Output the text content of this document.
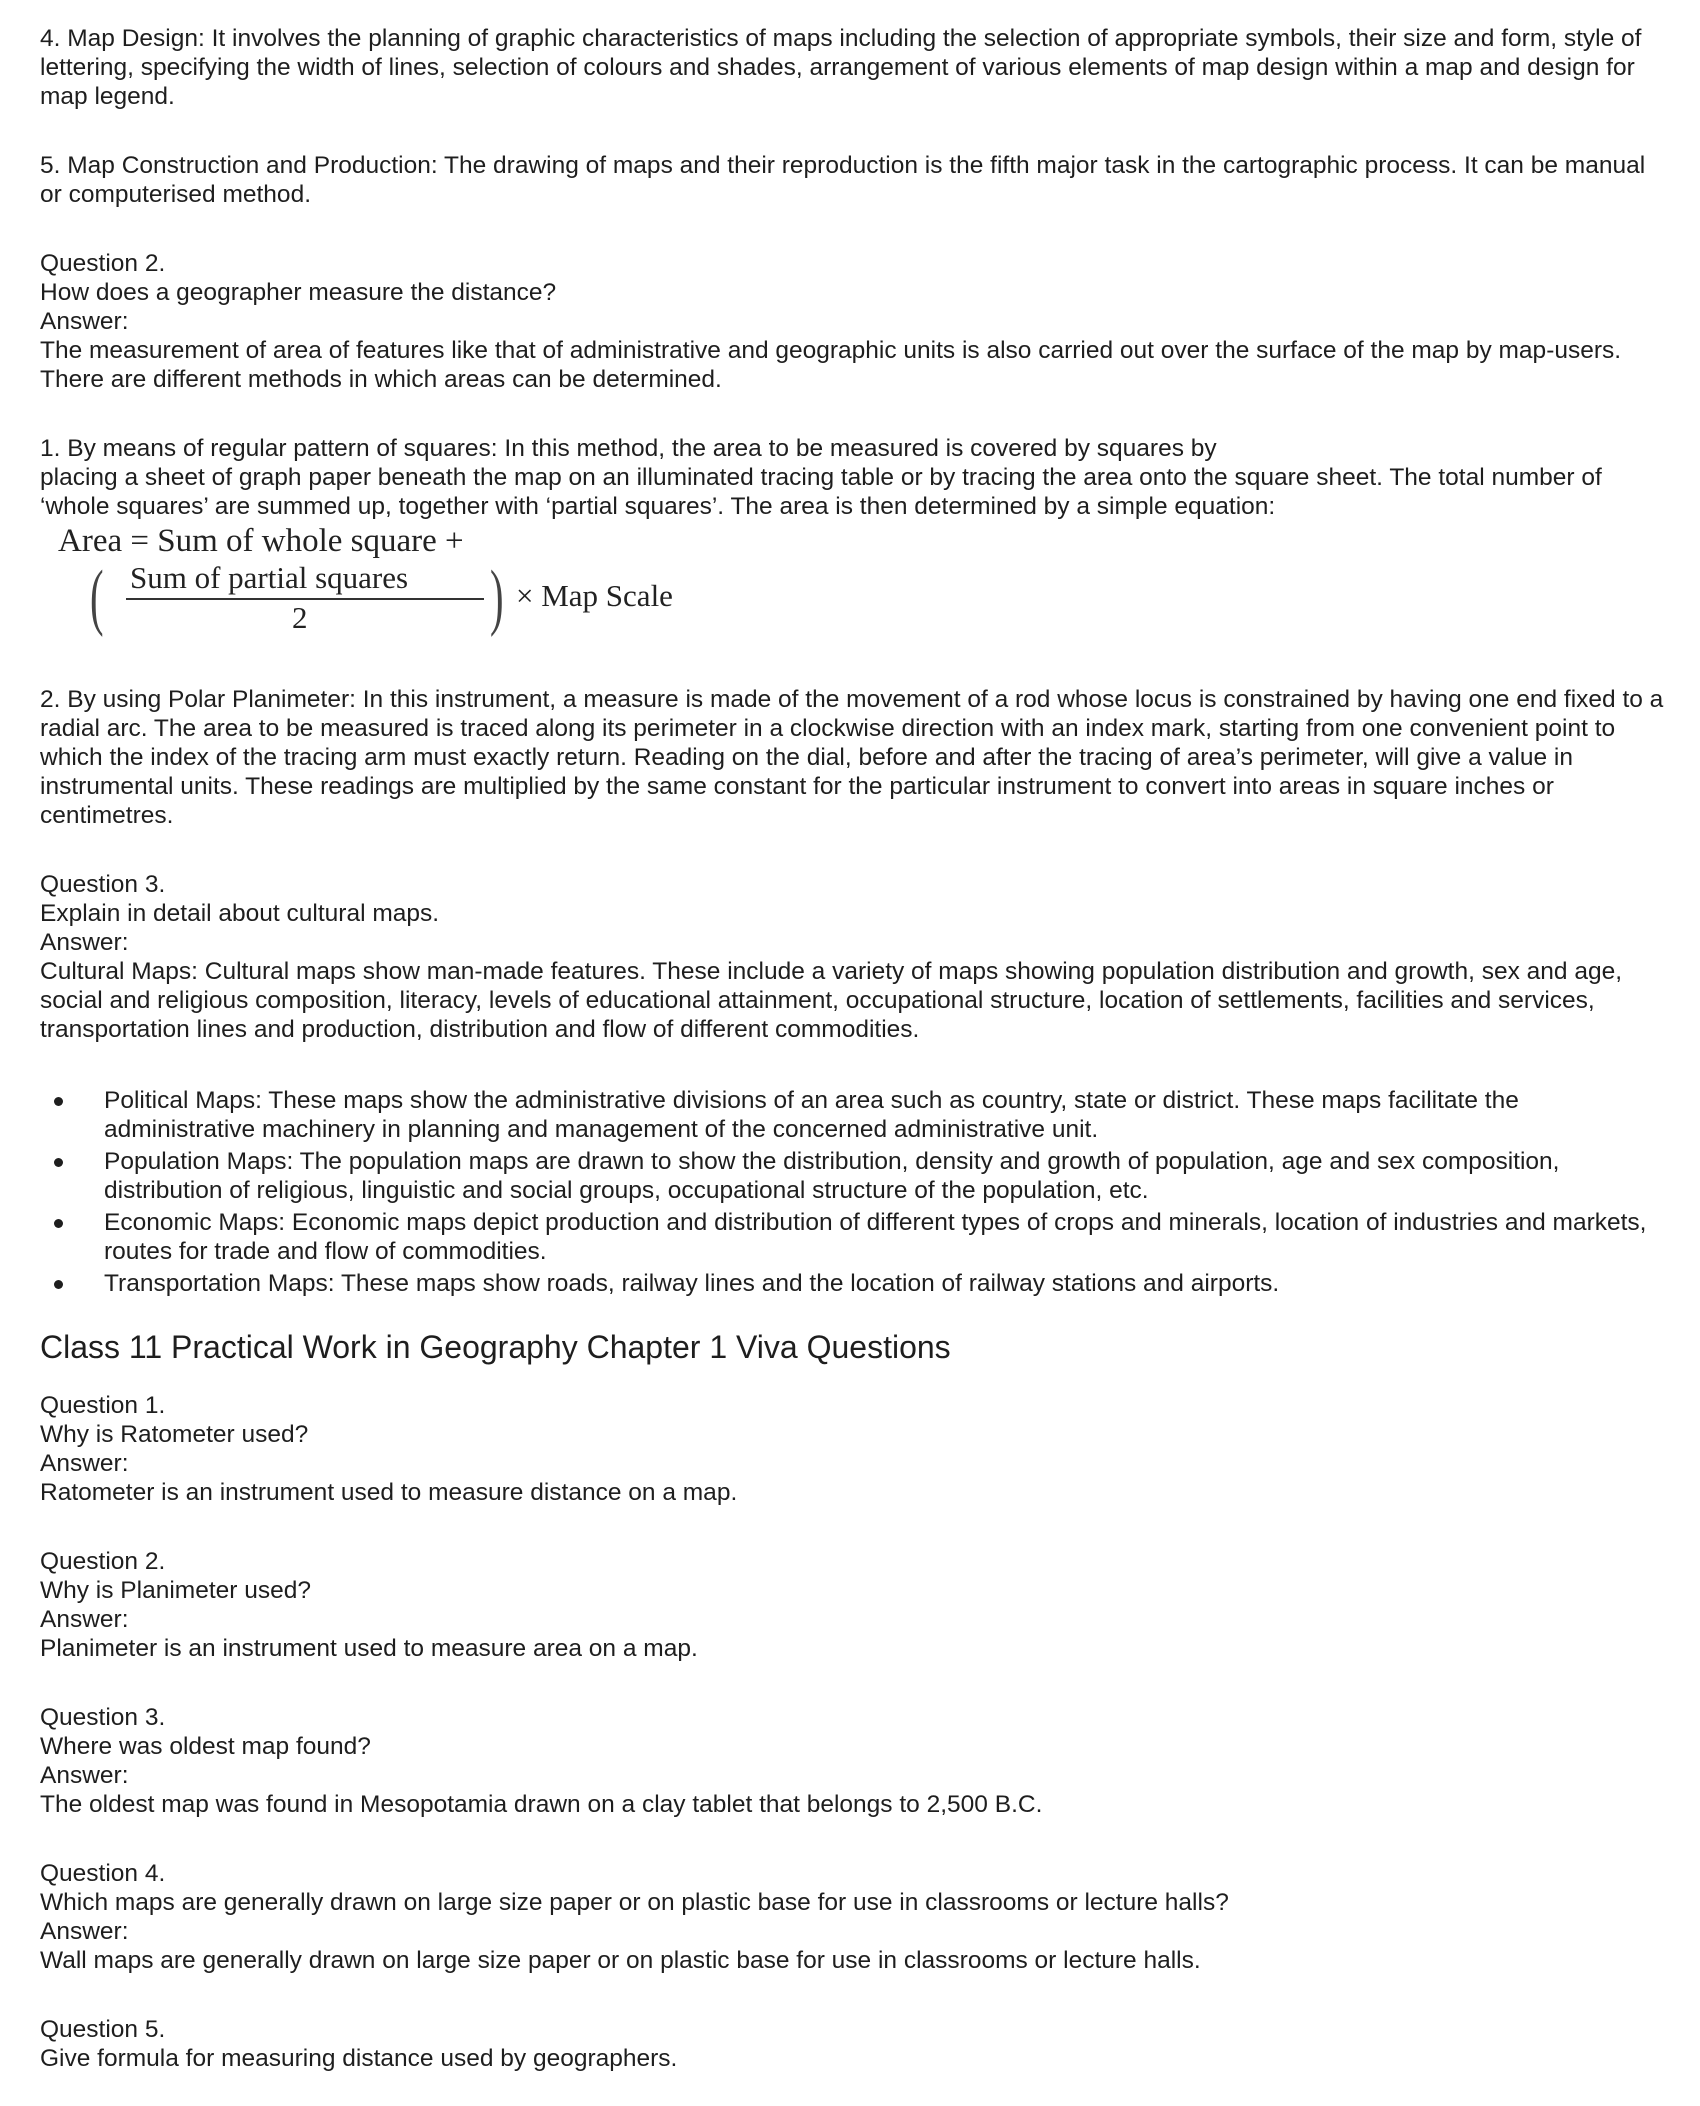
4. Map Design: It involves the planning of graphic characteristics of maps including the selection of appropriate symbols, their size and form, style of lettering, specifying the width of lines, selection of colours and shades, arrangement of various elements of map design within a map and design for map legend.

5. Map Construction and Production: The drawing of maps and their reproduction is the fifth major task in the cartographic process. It can be manual or computerised method.

Question 2.

How does a geographer measure the distance?

Answer:

The measurement of area of features like that of administrative and geographic units is also carried out over the surface of the map by map-users. There are different methods in which areas can be determined.

1. By means of regular pattern of squares: In this method, the area to be measured is covered by squares by

placing a sheet of graph paper beneath the map on an illuminated tracing table or by tracing the area onto the square sheet. The total number of ‘whole squares’ are summed up, together with ‘partial squares’. The area is then determined by a simple equation:

Area = Sum of whole square +
( Sum of partial squares
2 ) × Map Scale

2. By using Polar Planimeter: In this instrument, a measure is made of the movement of a rod whose locus is constrained by having one end fixed to a radial arc. The area to be measured is traced along its perimeter in a clockwise direction with an index mark, starting from one convenient point to which the index of the tracing arm must exactly return. Reading on the dial, before and after the tracing of area’s perimeter, will give a value in instrumental units. These readings are multiplied by the same constant for the particular instrument to convert into areas in square inches or centimetres.

Question 3.

Explain in detail about cultural maps.

Answer:

Cultural Maps: Cultural maps show man-made features. These include a variety of maps showing population distribution and growth, sex and age, social and religious composition, literacy, levels of educational attainment, occupational structure, location of settlements, facilities and services, transportation lines and production, distribution and flow of different commodities.

Political Maps: These maps show the administrative divisions of an area such as country, state or district. These maps facilitate the administrative machinery in planning and management of the concerned administrative unit.
Population Maps: The population maps are drawn to show the distribution, density and growth of population, age and sex composition, distribution of religious, linguistic and social groups, occupational structure of the population, etc.
Economic Maps: Economic maps depict production and distribution of different types of crops and minerals, location of industries and markets, routes for trade and flow of commodities.
Transportation Maps: These maps show roads, railway lines and the location of railway stations and airports.
Class 11 Practical Work in Geography Chapter 1 Viva Questions

Question 1.

Why is Ratometer used?

Answer:

Ratometer is an instrument used to measure distance on a map.

Question 2.

Why is Planimeter used?

Answer:

Planimeter is an instrument used to measure area on a map.

Question 3.

Where was oldest map found?

Answer:

The oldest map was found in Mesopotamia drawn on a clay tablet that belongs to 2,500 B.C.

Question 4.

Which maps are generally drawn on large size paper or on plastic base for use in classrooms or lecture halls?

Answer:

Wall maps are generally drawn on large size paper or on plastic base for use in classrooms or lecture halls.

Question 5.

Give formula for measuring distance used by geographers.
